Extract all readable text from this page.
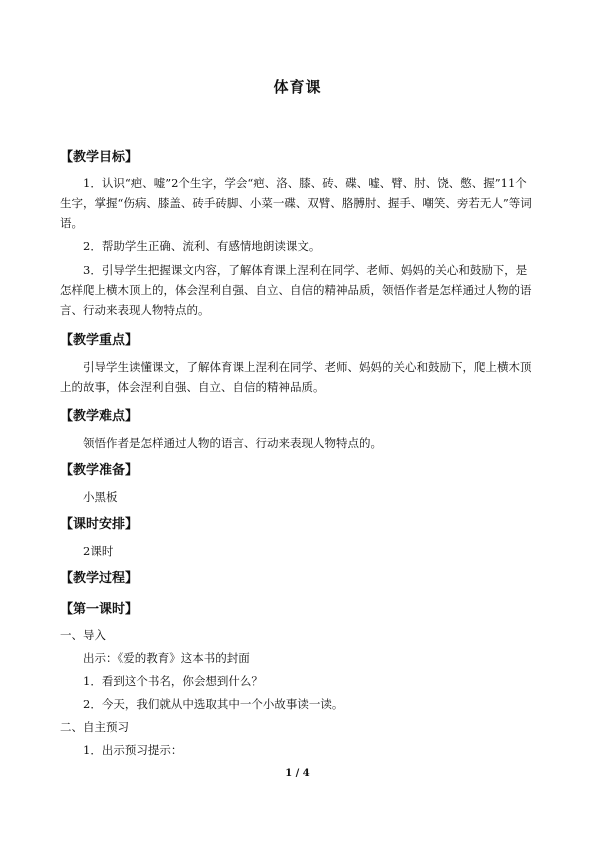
体育课
【教学目标】
1．认识“疤、嘘”2个生字，学会“疤、洛、膝、砖、碟、嘘、臂、肘、饶、憋、握”11个生字，掌握“伤病、膝盖、砖手砖脚、小菜一碟、双臂、胳膊肘、握手、嘲笑、旁若无人”等词语。
2．帮助学生正确、流利、有感情地朗读课文。
3．引导学生把握课文内容，了解体育课上涅利在同学、老师、妈妈的关心和鼓励下，是怎样爬上横木顶上的，体会涅利自强、自立、自信的精神品质，领悟作者是怎样通过人物的语言、行动来表现人物特点的。
【教学重点】
引导学生读懂课文，了解体育课上涅利在同学、老师、妈妈的关心和鼓励下，爬上横木顶上的故事，体会涅利自强、自立、自信的精神品质。
【教学难点】
领悟作者是怎样通过人物的语言、行动来表现人物特点的。
【教学准备】
小黑板
【课时安排】
2课时
【教学过程】
【第一课时】
一、导入
出示：《爱的教育》这本书的封面
1．看到这个书名，你会想到什么？
2．今天，我们就从中选取其中一个小故事读一读。
二、自主预习
1．出示预习提示：
1 / 4
